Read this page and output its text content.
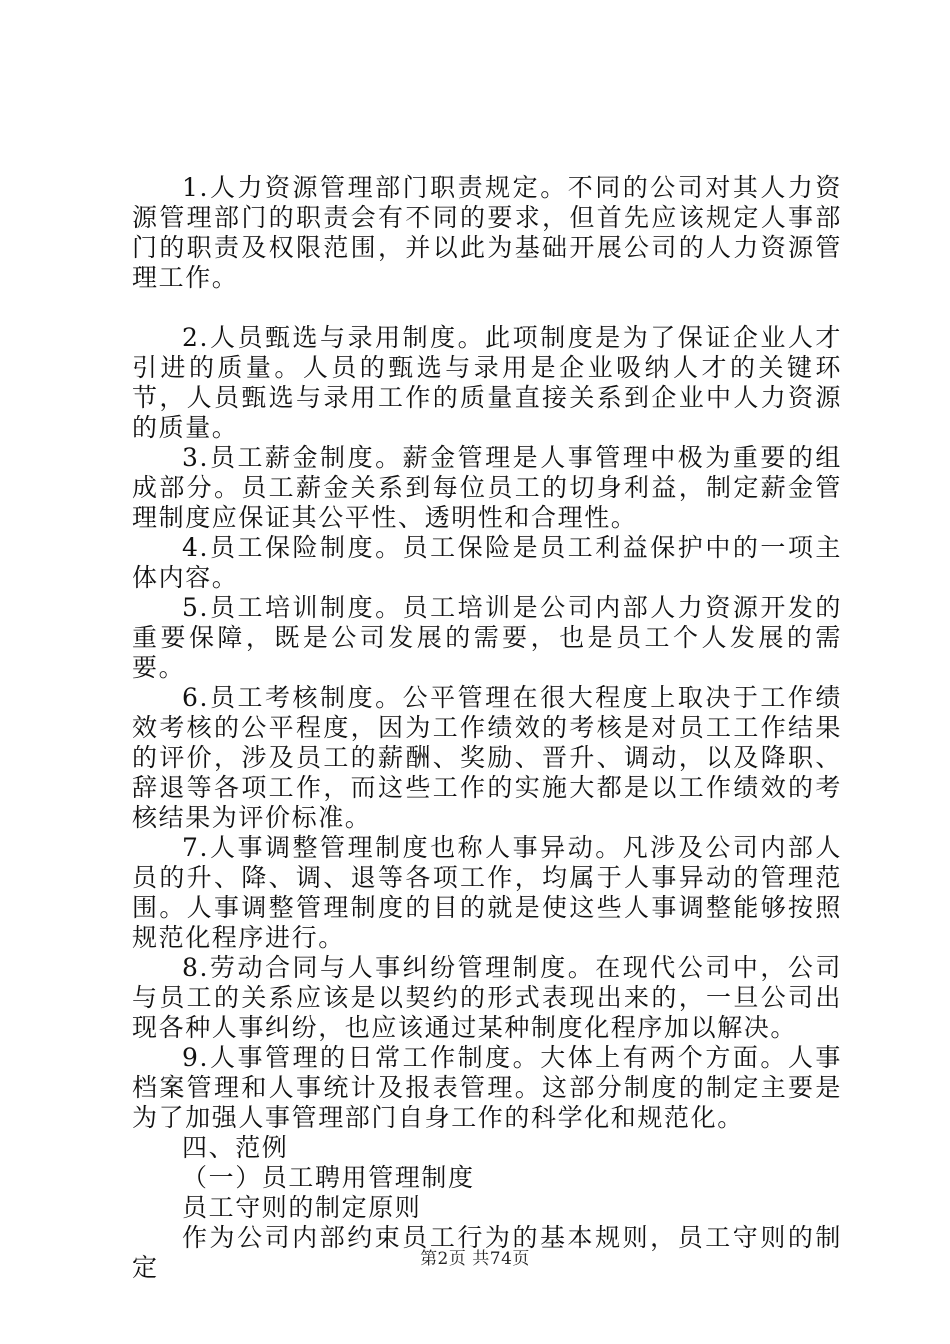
1.人力资源管理部门职责规定。不同的公司对其人力资源管理部门的职责会有不同的要求，但首先应该规定人事部门的职责及权限范围，并以此为基础开展公司的人力资源管理工作。

2.人员甄选与录用制度。此项制度是为了保证企业人才引进的质量。人员的甄选与录用是企业吸纳人才的关键环节，人员甄选与录用工作的质量直接关系到企业中人力资源的质量。

3.员工薪金制度。薪金管理是人事管理中极为重要的组成部分。员工薪金关系到每位员工的切身利益，制定薪金管理制度应保证其公平性、透明性和合理性。

4.员工保险制度。员工保险是员工利益保护中的一项主体内容。

5.员工培训制度。员工培训是公司内部人力资源开发的重要保障，既是公司发展的需要，也是员工个人发展的需要。

6.员工考核制度。公平管理在很大程度上取决于工作绩效考核的公平程度，因为工作绩效的考核是对员工工作结果的评价，涉及员工的薪酬、奖励、晋升、调动，以及降职、辞退等各项工作，而这些工作的实施大都是以工作绩效的考核结果为评价标准。

7.人事调整管理制度也称人事异动。凡涉及公司内部人员的升、降、调、退等各项工作，均属于人事异动的管理范围。人事调整管理制度的目的就是使这些人事调整能够按照规范化程序进行。

8.劳动合同与人事纠纷管理制度。在现代公司中，公司与员工的关系应该是以契约的形式表现出来的，一旦公司出现各种人事纠纷，也应该通过某种制度化程序加以解决。

9.人事管理的日常工作制度。大体上有两个方面。人事档案管理和人事统计及报表管理。这部分制度的制定主要是为了加强人事管理部门自身工作的科学化和规范化。

四、范例

（一）员工聘用管理制度

员工守则的制定原则

作为公司内部约束员工行为的基本规则，员工守则的制定	第2页 共74页
